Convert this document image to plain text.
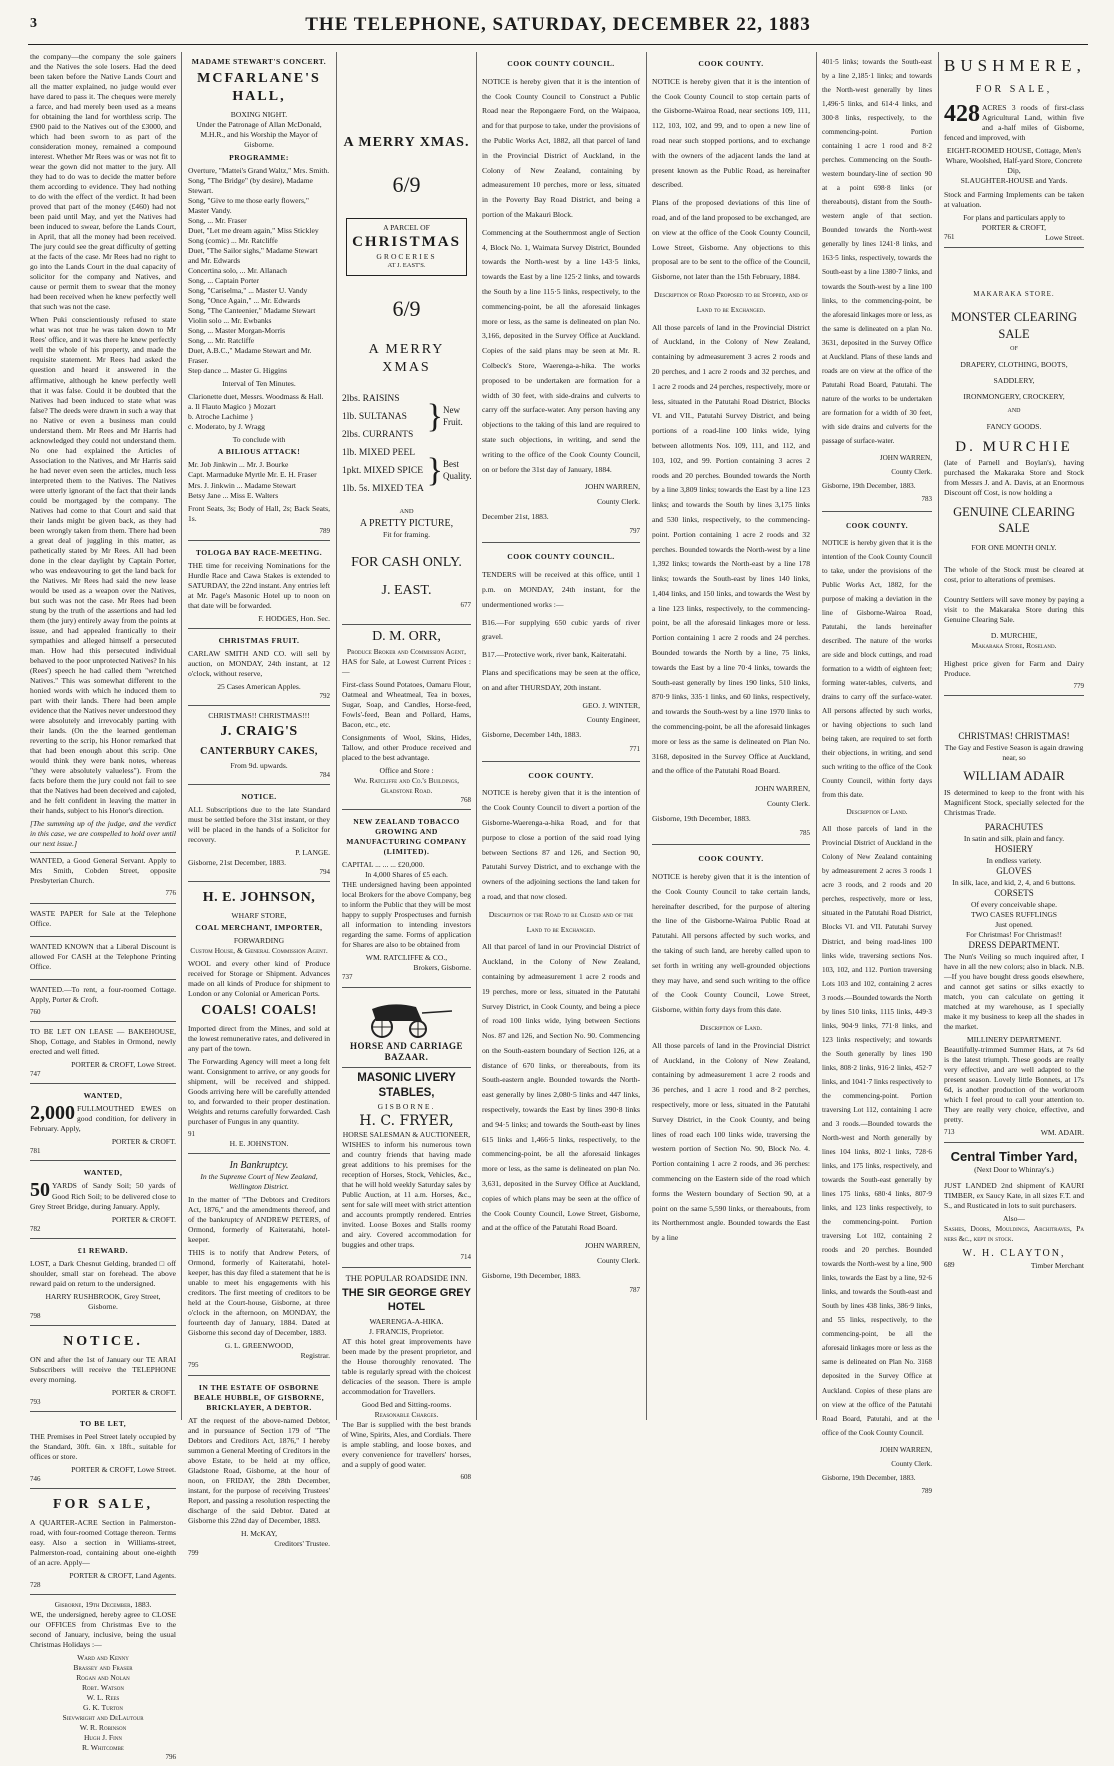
THE TELEPHONE, SATURDAY, DECEMBER 22, 1883
3

the company—the company the sole gainers and the Natives the sole losers. Had the deed been taken before the Native Lands Court and all the matter explained, no judge would ever have dared to pass it. The cheques were merely a farce, and had merely been used as a means for obtaining the land for worthless scrip. The £900 paid to the Natives out of the £3000, and which had been sworn to as part of the consideration money, remained a compound interest. Whether Mr Rees was or was not fit to wear the gown did not matter to the jury. All they had to do was to decide the matter before them according to evidence. They had nothing to do with the effect of the verdict. It had been proved that part of the money (£460) had not been paid until May, and yet the Natives had been induced to swear, before the Lands Court, in April, that all the money had been received. The jury could see the great difficulty of getting at the facts of the case. Mr Rees had no right to go into the Lands Court in the dual capacity of solicitor for the company and Natives, and cause or permit them to swear that the money had been received when he knew perfectly well that such was not the case.

When Puki conscientiously refused to state what was not true he was taken down to Mr Rees' office, and it was there he knew perfectly well the whole of his property, and made the requisite statement. Mr Rees had asked the question and heard it answered in the affirmative, although he knew perfectly well that it was false. Could it be doubted that the Natives had been induced to state what was false? The deeds were drawn in such a way that no Native or even a business man could understand them. Mr Rees and Mr Harris had acknowledged they could not understand them. No one had explained the Articles of Association to the Natives, and Mr Harris said he had never even seen the articles, much less interpreted them to the Natives. The Natives were utterly ignorant of the fact that their lands could be mortgaged by the company. The Natives had come to that Court and said that their lands might be given back, as they had been wrongly taken from them. There had been a great deal of juggling in this matter, as pathetically stated by Mr Rees. All had been done in the clear daylight by Captain Porter, who was endeavouring to get the land back for the Natives. Mr Rees had said the new lease would be used as a weapon over the Natives, but such was not the case. Mr Rees had been stung by the truth of the assertions and had led them (the jury) entirely away from the points at issue, and had appealed frantically to their sympathies and alleged himself a persecuted man. How had this persecuted individual behaved to the poor unprotected Natives? In his (Rees') speech he had called them "wretched Natives." This was somewhat different to the honied words with which he induced them to part with their lands. There had been ample evidence that the Natives never understood they were absolutely and irrevocably parting with their lands. (On the the learned gentleman reverting to the scrip, his Honor remarked that that had been enough about this scrip. One would think they were bank notes, whereas "they were absolutely valueless"). From the facts before them the jury could not fail to see that the Natives had been deceived and cajoled, and he felt confident in leaving the matter in their hands, subject to his Honor's direction.

[The summing up of the judge, and the verdict in this case, we are compelled to hold over until our next issue.]

WANTED, a Good General Servant. Apply to Mrs Smith, Cobden Street, opposite Presbyterian Church.

776

WASTE PAPER for Sale at the Telephone Office.

WANTED KNOWN that a Liberal Discount is allowed For CASH at the Telephone Printing Office.

WANTED.—To rent, a four-roomed Cottage. Apply, Porter & Croft.

760

TO BE LET ON LEASE — BAKEHOUSE, Shop, Cottage, and Stables in Ormond, newly erected and well fitted.

PORTER & CROFT, Lowe Street.
747
WANTED,
2,000 FULLMOUTHED EWES on good condition, for delivery in February. Apply,

PORTER & CROFT.
781
WANTED,
50 YARDS of Sandy Soil; 50 yards of Good Rich Soil; to be delivered close to Grey Street Bridge, during January. Apply,

PORTER & CROFT.
782
£1 REWARD.

LOST, a Dark Chesnut Gelding, branded □ off shoulder, small star on forehead. The above reward paid on return to the undersigned.

HARRY RUSHBROOK, Grey Street, Gisborne.
798
NOTICE.

ON and after the 1st of January our TE ARAI Subscribers will receive the TELEPHONE every morning.

PORTER & CROFT.
793
TO BE LET,

THE Premises in Peel Street lately occupied by the Standard, 30ft. 6in. x 18ft., suitable for offices or store.

PORTER & CROFT, Lowe Street.
746
FOR SALE,

A QUARTER-ACRE Section in Palmerston-road, with four-roomed Cottage thereon. Terms easy. Also a section in Williams-street, Palmerston-road, containing about one-eighth of an acre. Apply—

PORTER & CROFT, Land Agents.
728
Gisborne, 19th December, 1883.

WE, the undersigned, hereby agree to CLOSE our OFFICES from Christmas Eve to the second of January, inclusive, being the usual Christmas Holidays :—

Ward and Kenny
Brassey and Fraser
Rogan and Nolan
Robt. Watson
W. L. Rees
G. K. Turton
Sievwright and DeLautour
W. R. Robinson
Hugh J. Finn
R. Whitcombe
796
MADAME STEWART'S CONCERT.
MCFARLANE'S HALL,
BOXING NIGHT.

Under the Patronage of Allan McDonald, M.H.R., and his Worship the Mayor of Gisborne.

PROGRAMME:
Overture, "Mattei's Grand Waltz," Mrs. Smith.
Song, "The Bridge" (by desire), Madame Stewart.
Song, "Give to me those early flowers," Master Vandy.
Song, ... Mr. Fraser
Duet, "Let me dream again," Miss Stickley
Song (comic) ... Mr. Ratcliffe
Duet, "The Sailor sighs," Madame Stewart and Mr. Edwards
Concertina solo, ... Mr. Allanach
Song, ... Captain Porter
Song, "Cariselma," ... Master U. Vandy
Song, "Once Again," ... Mr. Edwards
Song, "The Canteenier," Madame Stewart
Violin solo ... Mr. Ewbanks
Song, ... Master Morgan-Morris
Song, ... Mr. Ratcliffe
Duet, A.B.C.," Madame Stewart and Mr. Fraser.
Step dance ... Master G. Higgins
Interval of Ten Minutes.
Clarionette duet, Messrs. Woodmass & Hall.
a. Il Flauto Magico } Mozart
b. Atroche Lachime }
c. Moderato, by J. Wragg
To conclude with
A BILIOUS ATTACK!
Mr. Job Jinkwin ... Mr. J. Bourke
Capt. Marmaduke Myrtle Mr. E. H. Fraser
Mrs. J. Jinkwin ... Madame Stewart
Betsy Jane ... Miss E. Walters

Front Seats, 3s; Body of Hall, 2s; Back Seats, 1s.

789
TOLOGA BAY RACE-MEETING.

THE time for receiving Nominations for the Hurdle Race and Cawa Stakes is extended to SATURDAY, the 22nd instant. Any entries left at Mr. Page's Masonic Hotel up to noon on that date will be forwarded.

F. HODGES, Hon. Sec.
CHRISTMAS FRUIT.

CARLAW SMITH AND CO. will sell by auction, on MONDAY, 24th instant, at 12 o'clock, without reserve,

25 Cases American Apples.
792
CHRISTMAS!! CHRISTMAS!!!
J. CRAIG'S
CANTERBURY CAKES,
From 9d. upwards.
784
NOTICE.

ALL Subscriptions due to the late Standard must be settled before the 31st instant, or they will be placed in the hands of a Solicitor for recovery.

P. LANGE.
Gisborne, 21st December, 1883.
794
H. E. JOHNSON,
WHARF STORE,
COAL MERCHANT, IMPORTER,
FORWARDING
Custom House, & General Commission Agent.

WOOL and every other kind of Produce received for Storage or Shipment. Advances made on all kinds of Produce for shipment to London or any Colonial or American Ports.

COALS! COALS!

Imported direct from the Mines, and sold at the lowest remunerative rates, and delivered in any part of the town.

The Forwarding Agency will meet a long felt want. Consignment to arrive, or any goods for shipment, will be received and shipped. Goods arriving here will be carefully attended to, and forwarded to their proper destination. Weights and returns carefully forwarded. Cash purchaser of Fungus in any quantity.

91
H. E. JOHNSTON.
In Bankruptcy.

In the Supreme Court of New Zealand, Wellington District.

In the matter of "The Debtors and Creditors Act, 1876," and the amendments thereof, and of the bankruptcy of ANDREW PETERS, of Ormond, formerly of Kaiteratahi, hotel-keeper.

THIS is to notify that Andrew Peters, of Ormond, formerly of Kaiteratahi, hotel-keeper, has this day filed a statement that he is unable to meet his engagements with his creditors. The first meeting of creditors to be held at the Court-house, Gisborne, at three o'clock in the afternoon, on MONDAY, the fourteenth day of January, 1884. Dated at Gisborne this second day of December, 1883.

G. L. GREENWOOD,
Registrar.
795
IN THE ESTATE OF OSBORNE BEALE HUBBLE, OF GISBORNE, BRICKLAYER, A DEBTOR.

AT the request of the above-named Debtor, and in pursuance of Section 179 of "The Debtors and Creditors Act, 1876," I hereby summon a General Meeting of Creditors in the above Estate, to be held at my office, Gladstone Road, Gisborne, at the hour of noon, on FRIDAY, the 28th December, instant, for the purpose of receiving Trustees' Report, and passing a resolution respecting the discharge of the said Debtor. Dated at Gisborne this 22nd day of December, 1883.

H. McKAY,
Creditors' Trustee.
799
A MERRY XMAS.
6/9
A PARCEL OF
CHRISTMAS
GROCERIES
AT J. EAST'S.
6/9
A MERRY XMAS
2lbs. RAISINS
1lb. SULTANAS
2lbs. CURRANTS
} New Fruit.
1lb. MIXED PEEL
1pkt. MIXED SPICE
1lb. 5s. MIXED TEA
} Best Quality.
AND
A PRETTY PICTURE,
Fit for framing.
FOR CASH ONLY.
J. EAST.
677
D. M. ORR,
Produce Broker and Commission Agent,

HAS for Sale, at Lowest Current Prices :—

First-class Sound Potatoes, Oamaru Flour, Oatmeal and Wheatmeal, Tea in boxes, Sugar, Soap, and Candles, Horse-feed, Fowls'-feed, Bean and Pollard, Hams, Bacon, etc., etc.

Consignments of Wool, Skins, Hides, Tallow, and other Produce received and placed to the best advantage.

Office and Store :
Wm. Ratcliffe and Co.'s Buildings, Gladstone Road.
768
NEW ZEALAND TOBACCO GROWING AND MANUFACTURING COMPANY (LIMITED).
CAPITAL ... ... ... £20,000.
In 4,000 Shares of £5 each.

THE undersigned having been appointed local Brokers for the above Company, beg to inform the Public that they will be most happy to supply Prospectuses and furnish all information to intending investors regarding the same. Forms of application for Shares are also to be obtained from

WM. RATCLIFFE & CO.,
Brokers, Gisborne.
737
HORSE AND CARRIAGE BAZAAR.
MASONIC LIVERY STABLES,
GISBORNE.
H. C. FRYER,
HORSE SALESMAN & AUCTIONEER,

WISHES to inform his numerous town and country friends that having made great additions to his premises for the reception of Horses, Stock, Vehicles, &c., that he will hold weekly Saturday sales by Public Auction, at 11 a.m. Horses, &c., sent for sale will meet with strict attention and accounts promptly rendered. Entries invited. Loose Boxes and Stalls roomy and airy. Covered accommodation for buggies and other traps.

714
THE POPULAR ROADSIDE INN.
THE SIR GEORGE GREY HOTEL
WAERENGA-A-HIKA.
J. FRANCIS, Proprietor.

AT this hotel great improvements have been made by the present proprietor, and the House thoroughly renovated. The table is regularly spread with the choicest delicacies of the season. There is ample accommodation for Travellers.

Good Bed and Sitting-rooms.
Reasonable Charges.

The Bar is supplied with the best brands of Wine, Spirits, Ales, and Cordials. There is ample stabling, and loose boxes, and every convenience for travellers' horses, and a supply of good water.

608
COOK COUNTY COUNCIL.

NOTICE is hereby given that it is the intention of the Cook County Council to Construct a Public Road near the Repongaere Ford, on the Waipaoa, and for that purpose to take, under the provisions of the Public Works Act, 1882, all that parcel of land in the Provincial District of Auckland, in the Colony of New Zealand, containing by admeasurement 10 perches, more or less, situated in the Poverty Bay Road District, and being a portion of the Makauri Block.

Commencing at the Southernmost angle of Section 4, Block No. 1, Waimata Survey District, Bounded towards the North-west by a line 143·5 links, towards the East by a line 125·2 links, and towards the South by a line 115·5 links, respectively, to the commencing-point, be all the aforesaid linkages more or less, as the same is delineated on plan No. 3,166, deposited in the Survey Office at Auckland. Copies of the said plans may be seen at Mr. R. Colbeck's Store, Waerenga-a-hika. The works proposed to be undertaken are formation for a width of 30 feet, with side-drains and culverts to carry off the surface-water. Any person having any objections to the taking of this land are required to state such objections, in writing, and send the writing to the office of the Cook County Council, on or before the 31st day of January, 1884.

JOHN WARREN,
County Clerk.
December 21st, 1883.
797
COOK COUNTY COUNCIL.

TENDERS will be received at this office, until 1 p.m. on MONDAY, 24th instant, for the undermentioned works :—

B16.—For supplying 650 cubic yards of river gravel.

B17.—Protective work, river bank, Kaiteratahi.

Plans and specifications may be seen at the office, on and after THURSDAY, 20th instant.

GEO. J. WINTER,
County Engineer,
Gisborne, December 14th, 1883.
771
COOK COUNTY.

NOTICE is hereby given that it is the intention of the Cook County Council to divert a portion of the Gisborne-Waerenga-a-hika Road, and for that purpose to close a portion of the said road lying between Sections 87 and 126, and Section 90, Patutahi Survey District, and to exchange with the owners of the adjoining sections the land taken for a road, and that now closed.

Description of the Road to be Closed and of the Land to be Exchanged.

All that parcel of land in our Provincial District of Auckland, in the Colony of New Zealand, containing by admeasurement 1 acre 2 roods and 19 perches, more or less, situated in the Patutahi Survey District, in Cook County, and being a piece of road 100 links wide, lying between Sections Nos. 87 and 126, and Section No. 90. Commencing on the South-eastern boundary of Section 126, at a distance of 670 links, or thereabouts, from its South-eastern angle. Bounded towards the North-east generally by lines 2,080·5 links and 447 links, respectively, towards the East by lines 390·8 links and 94·5 links; and towards the South-east by lines 615 links and 1,466·5 links, respectively, to the commencing-point, be all the aforesaid linkages more or less, as the same is delineated on plan No. 3,631, deposited in the Survey Office at Auckland, copies of which plans may be seen at the office of the Cook County Council, Lowe Street, Gisborne, and at the office of the Patutahi Road Board.

JOHN WARREN,
County Clerk.
Gisborne, 19th December, 1883.
787
COOK COUNTY.

NOTICE is hereby given that it is the intention of the Cook County Council to stop certain parts of the Gisborne-Wairoa Road, near sections 109, 111, 112, 103, 102, and 99, and to open a new line of road near such stopped portions, and to exchange with the owners of the adjacent lands the land at present known as the Public Road, as hereinafter described.

Plans of the proposed deviations of this line of road, and of the land proposed to be exchanged, are on view at the office of the Cook County Council, Lowe Street, Gisborne. Any objections to this proposal are to be sent to the office of the Council, Gisborne, not later than the 15th February, 1884.

Description of Road Proposed to be Stopped, and of Land to be Exchanged.

All those parcels of land in the Provincial District of Auckland, in the Colony of New Zealand, containing by admeasurement 3 acres 2 roods and 20 perches, and 1 acre 2 roods and 32 perches, and 1 acre 2 roods and 24 perches, respectively, more or less, situated in the Patutahi Road District, Blocks VI. and VII., Patutahi Survey District, and being portions of a road-line 100 links wide, lying between allotments Nos. 109, 111, and 112, and 103, 102, and 99. Portion containing 3 acres 2 roods and 20 perches. Bounded towards the North by a line 3,809 links; towards the East by a line 123 links; and towards the South by lines 3,175 links and 530 links, respectively, to the commencing-point. Portion containing 1 acre 2 roods and 32 perches. Bounded towards the North-west by a line 1,392 links; towards the North-east by a line 178 links; towards the South-east by lines 140 links, 1,404 links, and 150 links, and towards the West by a line 123 links, respectively, to the commencing-point, be all the aforesaid linkages more or less. Portion containing 1 acre 2 roods and 24 perches. Bounded towards the North by a line, 75 links, towards the East by a line 70·4 links, towards the South-east generally by lines 190 links, 510 links, 870·9 links, 335·1 links, and 60 links, respectively, and towards the South-west by a line 1970 links to the commencing-point, be all the aforesaid linkages more or less as the same is delineated on Plan No. 3168, deposited in the Survey Office at Auckland, and the office of the Patutahi Road Board.

JOHN WARREN,
County Clerk.
Gisborne, 19th December, 1883.
785
COOK COUNTY.

NOTICE is hereby given that it is the intention of the Cook County Council to take certain lands, hereinafter described, for the purpose of altering the line of the Gisborne-Wairoa Public Road at Patutahi. All persons affected by such works, and the taking of such land, are hereby called upon to set forth in writing any well-grounded objections they may have, and send such writing to the office of the Cook County Council, Lowe Street, Gisborne, within forty days from this date.

Description of Land.

All those parcels of land in the Provincial District of Auckland, in the Colony of New Zealand, containing by admeasurement 1 acre 2 roods and 36 perches, and 1 acre 1 rood and 8·2 perches, respectively, more or less, situated in the Patutahi Survey District, in the Cook County, and being lines of road each 100 links wide, traversing the western portion of Section No. 90, Block No. 4. Portion containing 1 acre 2 roods, and 36 perches: commencing on the Eastern side of the road which forms the Western boundary of Section 90, at a point on the same 5,590 links, or thereabouts, from its Northernmost angle. Bounded towards the East by a line

401·5 links; towards the South-east by a line 2,185·1 links; and towards the North-west generally by lines 1,496·5 links, and 614·4 links, and 300·8 links, respectively, to the commencing-point. Portion containing 1 acre 1 rood and 8·2 perches. Commencing on the South-western boundary-line of section 90 at a point 698·8 links (or thereabouts), distant from the South-western angle of that section. Bounded towards the North-west generally by lines 1241·8 links, and 163·5 links, respectively, towards the South-east by a line 1380·7 links, and towards the South-west by a line 100 links, to the commencing-point, be the aforesaid linkages more or less, as the same is delineated on a plan No. 3631, deposited in the Survey Office at Auckland. Plans of these lands and roads are on view at the office of the Patutahi Road Board, Patutahi. The nature of the works to be undertaken are formation for a width of 30 feet, with side drains and culverts for the passage of surface-water.

JOHN WARREN,
County Clerk.
Gisborne, 19th December, 1883.
783
COOK COUNTY.

NOTICE is hereby given that it is the intention of the Cook County Council to take, under the provisions of the Public Works Act, 1882, for the purpose of making a deviation in the line of Gisborne-Wairoa Road, Patutahi, the lands hereinafter described. The nature of the works are side and block cuttings, and road formation to a width of eighteen feet; forming water-tables, culverts, and drains to carry off the surface-water. All persons affected by such works, or having objections to such land being taken, are required to set forth their objections, in writing, and send such writing to the office of the Cook County Council, within forty days from this date.

Description of Land.

All those parcels of land in the Provincial District of Auckland in the Colony of New Zealand containing by admeasurement 2 acres 3 roods 1 acre 3 roods, and 2 roods and 20 perches, respectively, more or less, situated in the Patutahi Road District, Blocks VI. and VII. Patutahi Survey District, and being road-lines 100 links wide, traversing sections Nos. 103, 102, and 112. Portion traversing Lots 103 and 102, containing 2 acres 3 roods.—Bounded towards the North by lines 510 links, 1115 links, 449·3 links, 904·9 links, 771·8 links, and 123 links respectively; and towards the South generally by lines 190 links, 808·2 links, 916·2 links, 452·7 links, and 1041·7 links respectively to the commencing-point. Portion traversing Lot 112, containing 1 acre and 3 roods.—Bounded towards the North-west and North generally by lines 104 links, 802·1 links, 728·6 links, and 175 links, respectively, and towards the South-east generally by lines 175 links, 680·4 links, 807·9 links, and 123 links respectively, to the commencing-point. Portion traversing Lot 102, containing 2 roods and 20 perches. Bounded towards the North-west by a line, 900 links, towards the East by a line, 92·6 links, and towards the South-east and South by lines 438 links, 386·9 links, and 55 links, respectively, to the commencing-point, be all the aforesaid linkages more or less as the same is delineated on Plan No. 3168 deposited in the Survey Office at Auckland. Copies of these plans are on view at the office of the Patutahi Road Board, Patutahi, and at the office of the Cook County Council.

JOHN WARREN,
County Clerk.
Gisborne, 19th December, 1883.
789
BUSHMERE,
FOR SALE,
428 ACRES 3 roods of first-class Agricultural Land, within five and a-half miles of Gisborne, fenced and improved, with

EIGHT-ROOMED HOUSE, Cottage, Men's Whare, Woolshed, Half-yard Store, Concrete Dip,
SLAUGHTER-HOUSE and Yards.

Stock and Farming Implements can be taken at valuation.

For plans and particulars apply to
PORTER & CROFT,
761	Lowe Street.
MAKARAKA STORE.
MONSTER CLEARING SALE
OF
DRAPERY, CLOTHING, BOOTS,
SADDLERY,
IRONMONGERY, CROCKERY,
AND
FANCY GOODS.
D. MURCHIE

(late of Parnell and Boylan's), having purchased the Makaraka Store and Stock from Messrs J. and A. Davis, at an Enormous Discount off Cost, is now holding a

GENUINE CLEARING SALE
FOR ONE MONTH ONLY.

The whole of the Stock must be cleared at cost, prior to alterations of premises.

Country Settlers will save money by paying a visit to the Makaraka Store during this Genuine Clearing Sale.

D. MURCHIE,
Makaraka Store, Roseland.

Highest price given for Farm and Dairy Produce.

779
CHRISTMAS! CHRISTMAS!
The Gay and Festive Season is again drawing near, so
WILLIAM ADAIR

IS determined to keep to the front with his Magnificent Stock, specially selected for the Christmas Trade.

PARACHUTES
In satin and silk, plain and fancy.
HOSIERY
In endless variety.
GLOVES
In silk, lace, and kid, 2, 4, and 6 buttons.
CORSETS
Of every conceivable shape.
TWO CASES RUFFLINGS
Just opened.
For Christmas! For Christmas!!
DRESS DEPARTMENT.

The Nun's Veiling so much inquired after, I have in all the new colors; also in black. N.B.—If you have bought dress goods elsewhere, and cannot get satins or silks exactly to match, you can calculate on getting it matched at my warehouse, as I specially make it my business to keep all the shades in the market.

MILLINERY DEPARTMENT.

Beautifully-trimmed Summer Hats, at 7s 6d is the latest triumph. These goods are really very effective, and are well adapted to the present season. Lovely little Bonnets, at 17s 6d, is another production of the workroom which I feel proud to call your attention to. They are really very choice, effective, and pretty.

713	WM. ADAIR.
Central Timber Yard,
(Next Door to Whinray's.)

JUST LANDED 2nd shipment of KAURI TIMBER, ex Saucy Kate, in all sizes F.T. and S., and Rusticated in lots to suit purchasers.

Also—

Sashes, Doors, Mouldings, Architraves, Pa ners &c., kept in stock.

W. H. CLAYTON,
689	Timber Merchant
